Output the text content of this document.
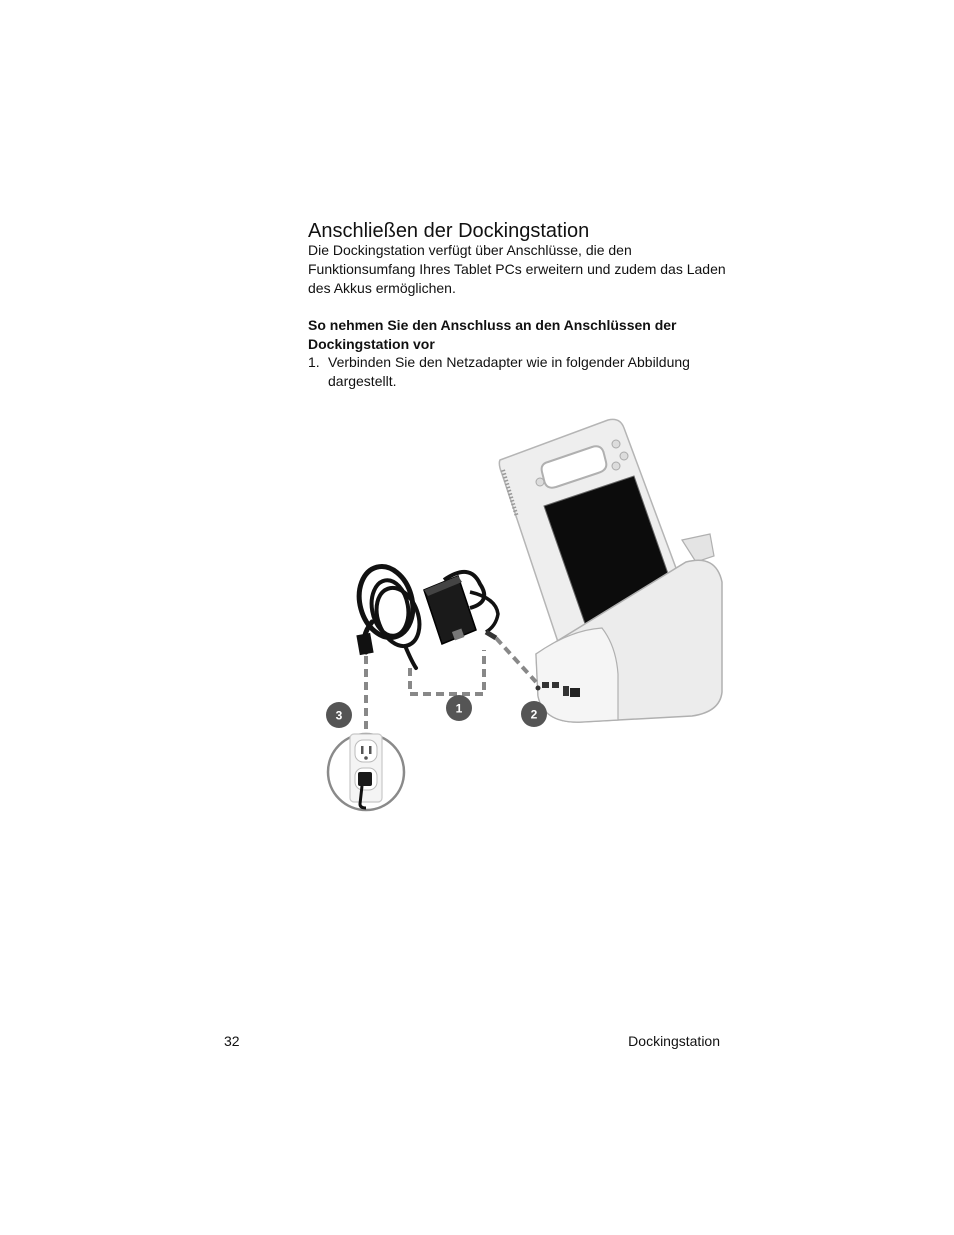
Anschließen der Dockingstation
Die Dockingstation verfügt über Anschlüsse, die den Funktionsumfang Ihres Tablet PCs erweitern und zudem das Laden des Akkus ermöglichen.
So nehmen Sie den Anschluss an den Anschlüssen der Dockingstation vor
1. Verbinden Sie den Netzadapter wie in folgender Abbildung dargestellt.
1	2
3
32	Dockingstation
